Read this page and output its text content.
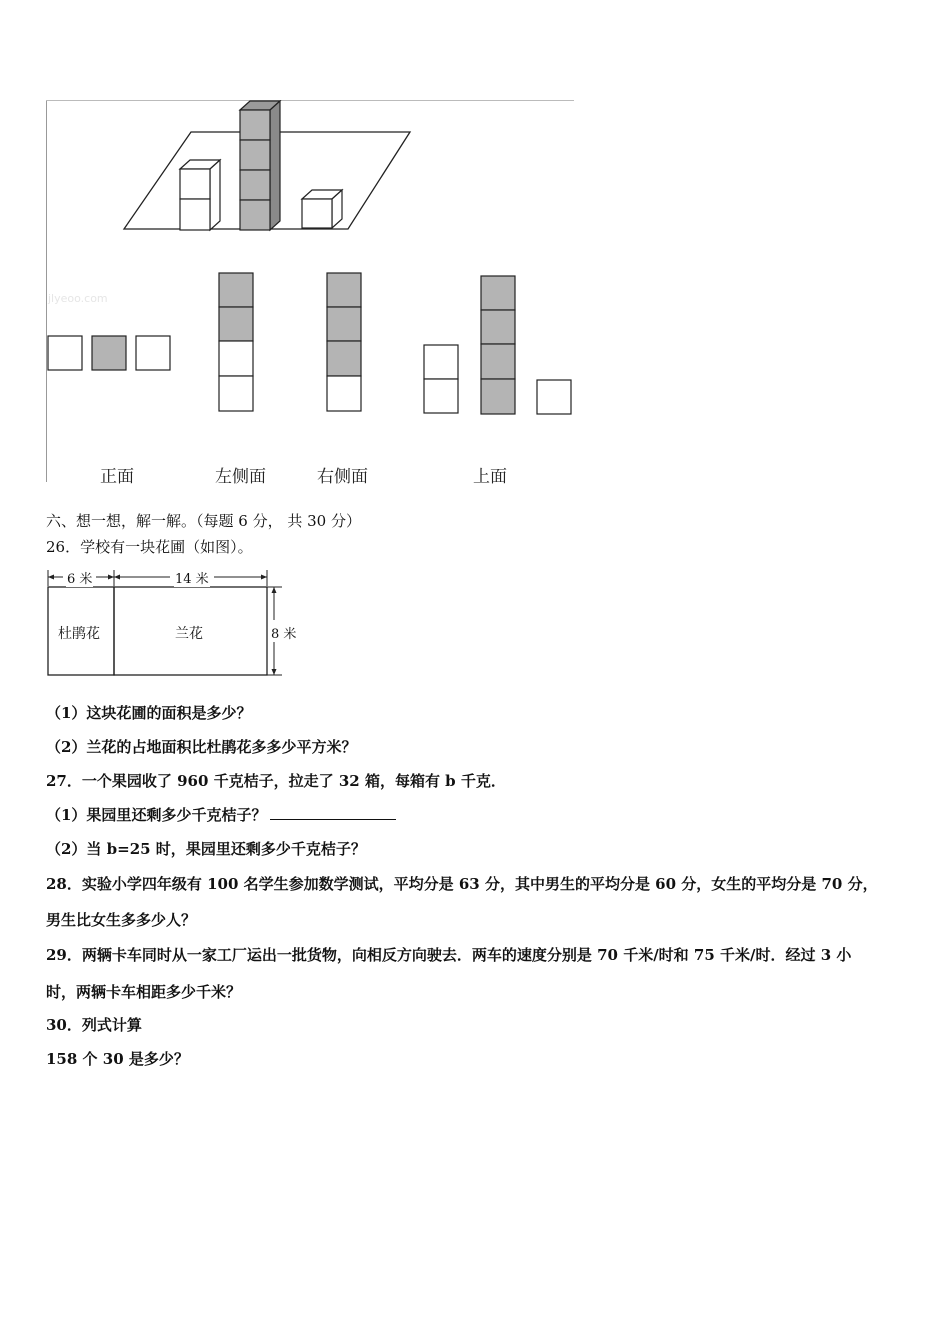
jlyeoo.com
正面	左侧面	右侧面	上面
六、想一想，解一解。（每题 6 分， 共 30 分）
26．学校有一块花圃（如图）。
6 米	14 米
8 米
杜鹃花	兰花
（1）这块花圃的面积是多少？
（2）兰花的占地面积比杜鹃花多多少平方米？
27．一个果园收了 960 千克桔子，拉走了 32 箱，每箱有 b 千克．
（1）果园里还剩多少千克桔子？
（2）当 b=25 时，果园里还剩多少千克桔子？
28．实验小学四年级有 100 名学生参加数学测试，平均分是 63 分，其中男生的平均分是 60 分，女生的平均分是 70 分，
男生比女生多多少人？
29．两辆卡车同时从一家工厂运出一批货物，向相反方向驶去．两车的速度分别是 70 千米/时和 75 千米/时．经过 3 小
时，两辆卡车相距多少千米？
30．列式计算
158 个 30 是多少？
